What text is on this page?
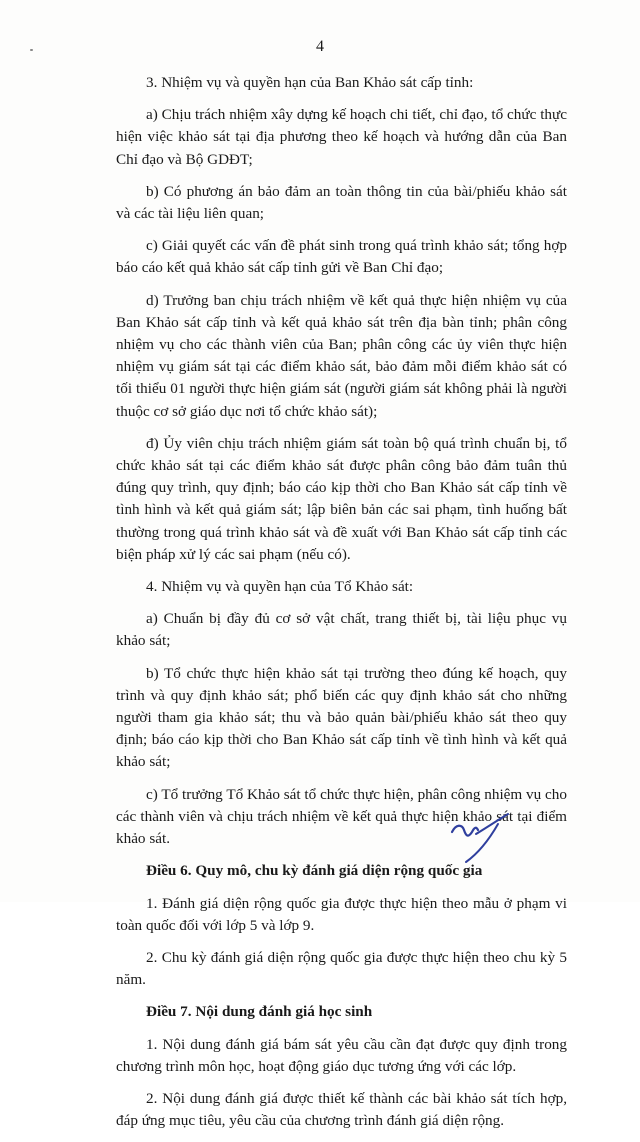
4

3. Nhiệm vụ và quyền hạn của Ban Khảo sát cấp tỉnh:

a) Chịu trách nhiệm xây dựng kế hoạch chi tiết, chỉ đạo, tổ chức thực hiện việc khảo sát tại địa phương theo kế hoạch và hướng dẫn của Ban Chỉ đạo và Bộ GDĐT;

b) Có phương án bảo đảm an toàn thông tin của bài/phiếu khảo sát và các tài liệu liên quan;

c) Giải quyết các vấn đề phát sinh trong quá trình khảo sát; tổng hợp báo cáo kết quả khảo sát cấp tỉnh gửi về Ban Chỉ đạo;

d) Trưởng ban chịu trách nhiệm về kết quả thực hiện nhiệm vụ của Ban Khảo sát cấp tỉnh và kết quả khảo sát trên địa bàn tỉnh; phân công nhiệm vụ cho các thành viên của Ban; phân công các ủy viên thực hiện nhiệm vụ giám sát tại các điểm khảo sát, bảo đảm mỗi điểm khảo sát có tối thiểu 01 người thực hiện giám sát (người giám sát không phải là người thuộc cơ sở giáo dục nơi tổ chức khảo sát);

đ) Ủy viên chịu trách nhiệm giám sát toàn bộ quá trình chuẩn bị, tổ chức khảo sát tại các điểm khảo sát được phân công bảo đảm tuân thủ đúng quy trình, quy định; báo cáo kịp thời cho Ban Khảo sát cấp tỉnh về tình hình và kết quả giám sát; lập biên bản các sai phạm, tình huống bất thường trong quá trình khảo sát và đề xuất với Ban Khảo sát cấp tỉnh các biện pháp xử lý các sai phạm (nếu có).

4. Nhiệm vụ và quyền hạn của Tổ Khảo sát:

a) Chuẩn bị đầy đủ cơ sở vật chất, trang thiết bị, tài liệu phục vụ khảo sát;

b) Tổ chức thực hiện khảo sát tại trường theo đúng kế hoạch, quy trình và quy định khảo sát; phổ biến các quy định khảo sát cho những người tham gia khảo sát; thu và bảo quản bài/phiếu khảo sát theo quy định; báo cáo kịp thời cho Ban Khảo sát cấp tỉnh về tình hình và kết quả khảo sát;

c) Tổ trưởng Tổ Khảo sát tổ chức thực hiện, phân công nhiệm vụ cho các thành viên và chịu trách nhiệm về kết quả thực hiện khảo sát tại điểm khảo sát.

Điều 6. Quy mô, chu kỳ đánh giá diện rộng quốc gia

1. Đánh giá diện rộng quốc gia được thực hiện theo mẫu ở phạm vi toàn quốc đối với lớp 5 và lớp 9.

2. Chu kỳ đánh giá diện rộng quốc gia được thực hiện theo chu kỳ 5 năm.

Điều 7. Nội dung đánh giá học sinh

1. Nội dung đánh giá bám sát yêu cầu cần đạt được quy định trong chương trình môn học, hoạt động giáo dục tương ứng với các lớp.

2. Nội dung đánh giá được thiết kế thành các bài khảo sát tích hợp, đáp ứng mục tiêu, yêu cầu của chương trình đánh giá diện rộng.
